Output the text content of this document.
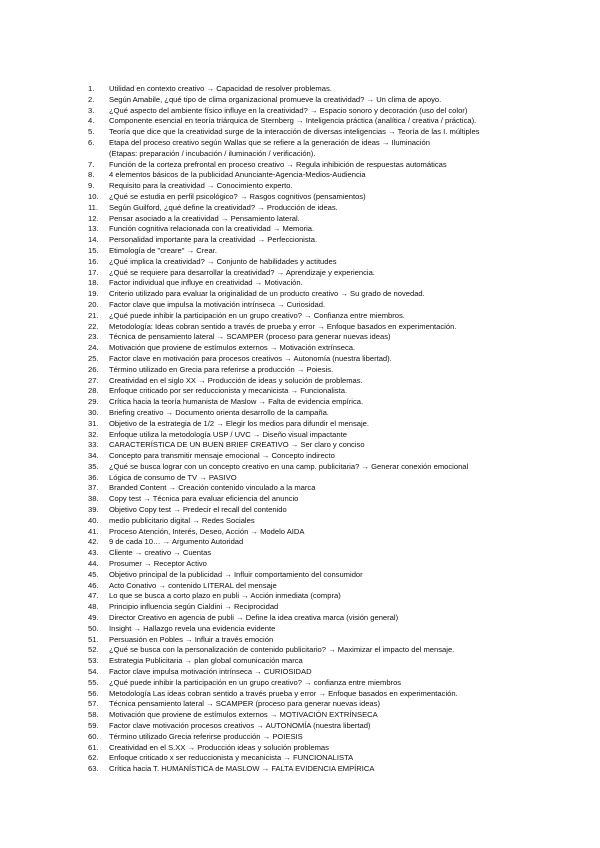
1.	Utilidad en contexto creativo → Capacidad de resolver problemas.
2.	Según Amabile, ¿qué tipo de clima organizacional promueve la creatividad? → Un clima de apoyo.
3.	¿Qué aspecto del ambiente físico influye en la creatividad? → Espacio sonoro y decoración (uso del color)
4.	Componente esencial en teoría triárquica de Sternberg → Inteligencia práctica (analítica / creativa / práctica).
5.	Teoría que dice que la creatividad surge de la interacción de diversas inteligencias → Teoría de las I. múltiples
6.	Etapa del proceso creativo según Wallas que se refiere a la generación de ideas → Iluminación
(Etapas: preparación / incubación / iluminación / verificación).
7.	Función de la corteza prefrontal en proceso creativo → Regula inhibición de respuestas automáticas
8.	4 elementos básicos de la publicidad Anunciante-Agencia-Medios-Audiencia
9.	Requisito para la creatividad → Conocimiento experto.
10.	¿Qué se estudia en perfil psicológico? → Rasgos cognitivos (pensamientos)
11.	Según Guilford, ¿qué define la creatividad? → Producción de ideas.
12.	Pensar asociado a la creatividad → Pensamiento lateral.
13.	Función cognitiva relacionada con la creatividad → Memoria.
14.	Personalidad importante para la creatividad → Perfeccionista.
15.	Etimología de "creare" → Crear.
16.	¿Qué implica la creatividad? → Conjunto de habilidades y actitudes
17.	¿Qué se requiere para desarrollar la creatividad? → Aprendizaje y experiencia.
18.	Factor individual que influye en creatividad → Motivación.
19.	Criterio utilizado para evaluar la originalidad de un producto creativo → Su grado de novedad.
20.	Factor clave que impulsa la motivación intrínseca → Curiosidad.
21.	¿Qué puede inhibir la participación en un grupo creativo? → Confianza entre miembros.
22.	Metodología: Ideas cobran sentido a través de prueba y error → Enfoque basados en experimentación.
23.	Técnica de pensamiento lateral → SCAMPER (proceso para generar nuevas ideas)
24.	Motivación que proviene de estímulos externos → Motivación extrínseca.
25.	Factor clave en motivación para procesos creativos → Autonomía (nuestra libertad).
26.	Término utilizado en Grecia para referirse a producción → Poiesis.
27.	Creatividad en el siglo XX → Producción de ideas y solución de problemas.
28.	Enfoque criticado por ser reduccionista y mecanicista → Funcionalista.
29.	Crítica hacia la teoría humanista de Maslow → Falta de evidencia empírica.
30.	Briefing creativo → Documento orienta desarrollo de la campaña.
31.	Objetivo de la estrategia de 1/2 → Elegir los medios para difundir el mensaje.
32.	Enfoque utiliza la metodología USP / UVC → Diseño visual impactante
33.	CARACTERÍSTICA DE UN BUEN BRIEF CREATIVO → Ser claro y conciso
34.	Concepto para transmitir mensaje emocional → Concepto indirecto
35.	¿Qué se busca lograr con un concepto creativo en una camp. publicitaria? → Generar conexión emocional
36.	Lógica de consumo de TV → PASIVO
37.	Branded Content → Creación contenido vinculado a la marca
38.	Copy test → Técnica para evaluar eficiencia del anuncio
39.	Objetivo Copy test → Predecir el recall del contenido
40.	medio publicitario digital → Redes Sociales
41.	Proceso Atención, Interés, Deseo, Acción → Modelo AIDA
42.	9 de cada 10… → Argumento Autoridad
43.	Cliente → creativo → Cuentas
44.	Prosumer → Receptor Activo
45.	Objetivo principal de la publicidad → Influir comportamiento del consumidor
46.	Acto Conativo → contenido LITERAL del mensaje
47.	Lo que se busca a corto plazo en publi → Acción inmediata (compra)
48.	Principio influencia según Cialdini → Reciprocidad
49.	Director Creativo en agencia de publi → Define la idea creativa marca (visión general)
50.	Insight → Hallazgo revela una evidencia evidente
51.	Persuasión en Pobles → Influir a través emoción
52.	¿Qué se busca con la personalización de contenido publicitario? → Maximizar el impacto del mensaje.
53.	Estrategia Publicitaria → plan global comunicación marca
54.	Factor clave impulsa motivación intrínseca → CURIOSIDAD
55.	¿Qué puede inhibir la participación en un grupo creativo? → confianza entre miembros
56.	Metodología Las ideas cobran sentido a través prueba y error → Enfoque basados en experimentación.
57.	Técnica pensamiento lateral → SCAMPER (proceso para generar nuevas ideas)
58.	Motivación que proviene de estímulos externos → MOTIVACIÓN EXTRÍNSECA
59.	Factor clave motivación procesos creativos → AUTONOMÍA (nuestra libertad)
60.	Término utilizado Grecia referirse producción → POIESIS
61.	Creatividad en el S.XX → Producción ideas y solución problemas
62.	Enfoque criticado x ser reduccionista y mecanicista → FUNCIONALISTA
63.	Crítica hacia T. HUMANÍSTICA de MASLOW → FALTA EVIDENCIA EMPÍRICA
